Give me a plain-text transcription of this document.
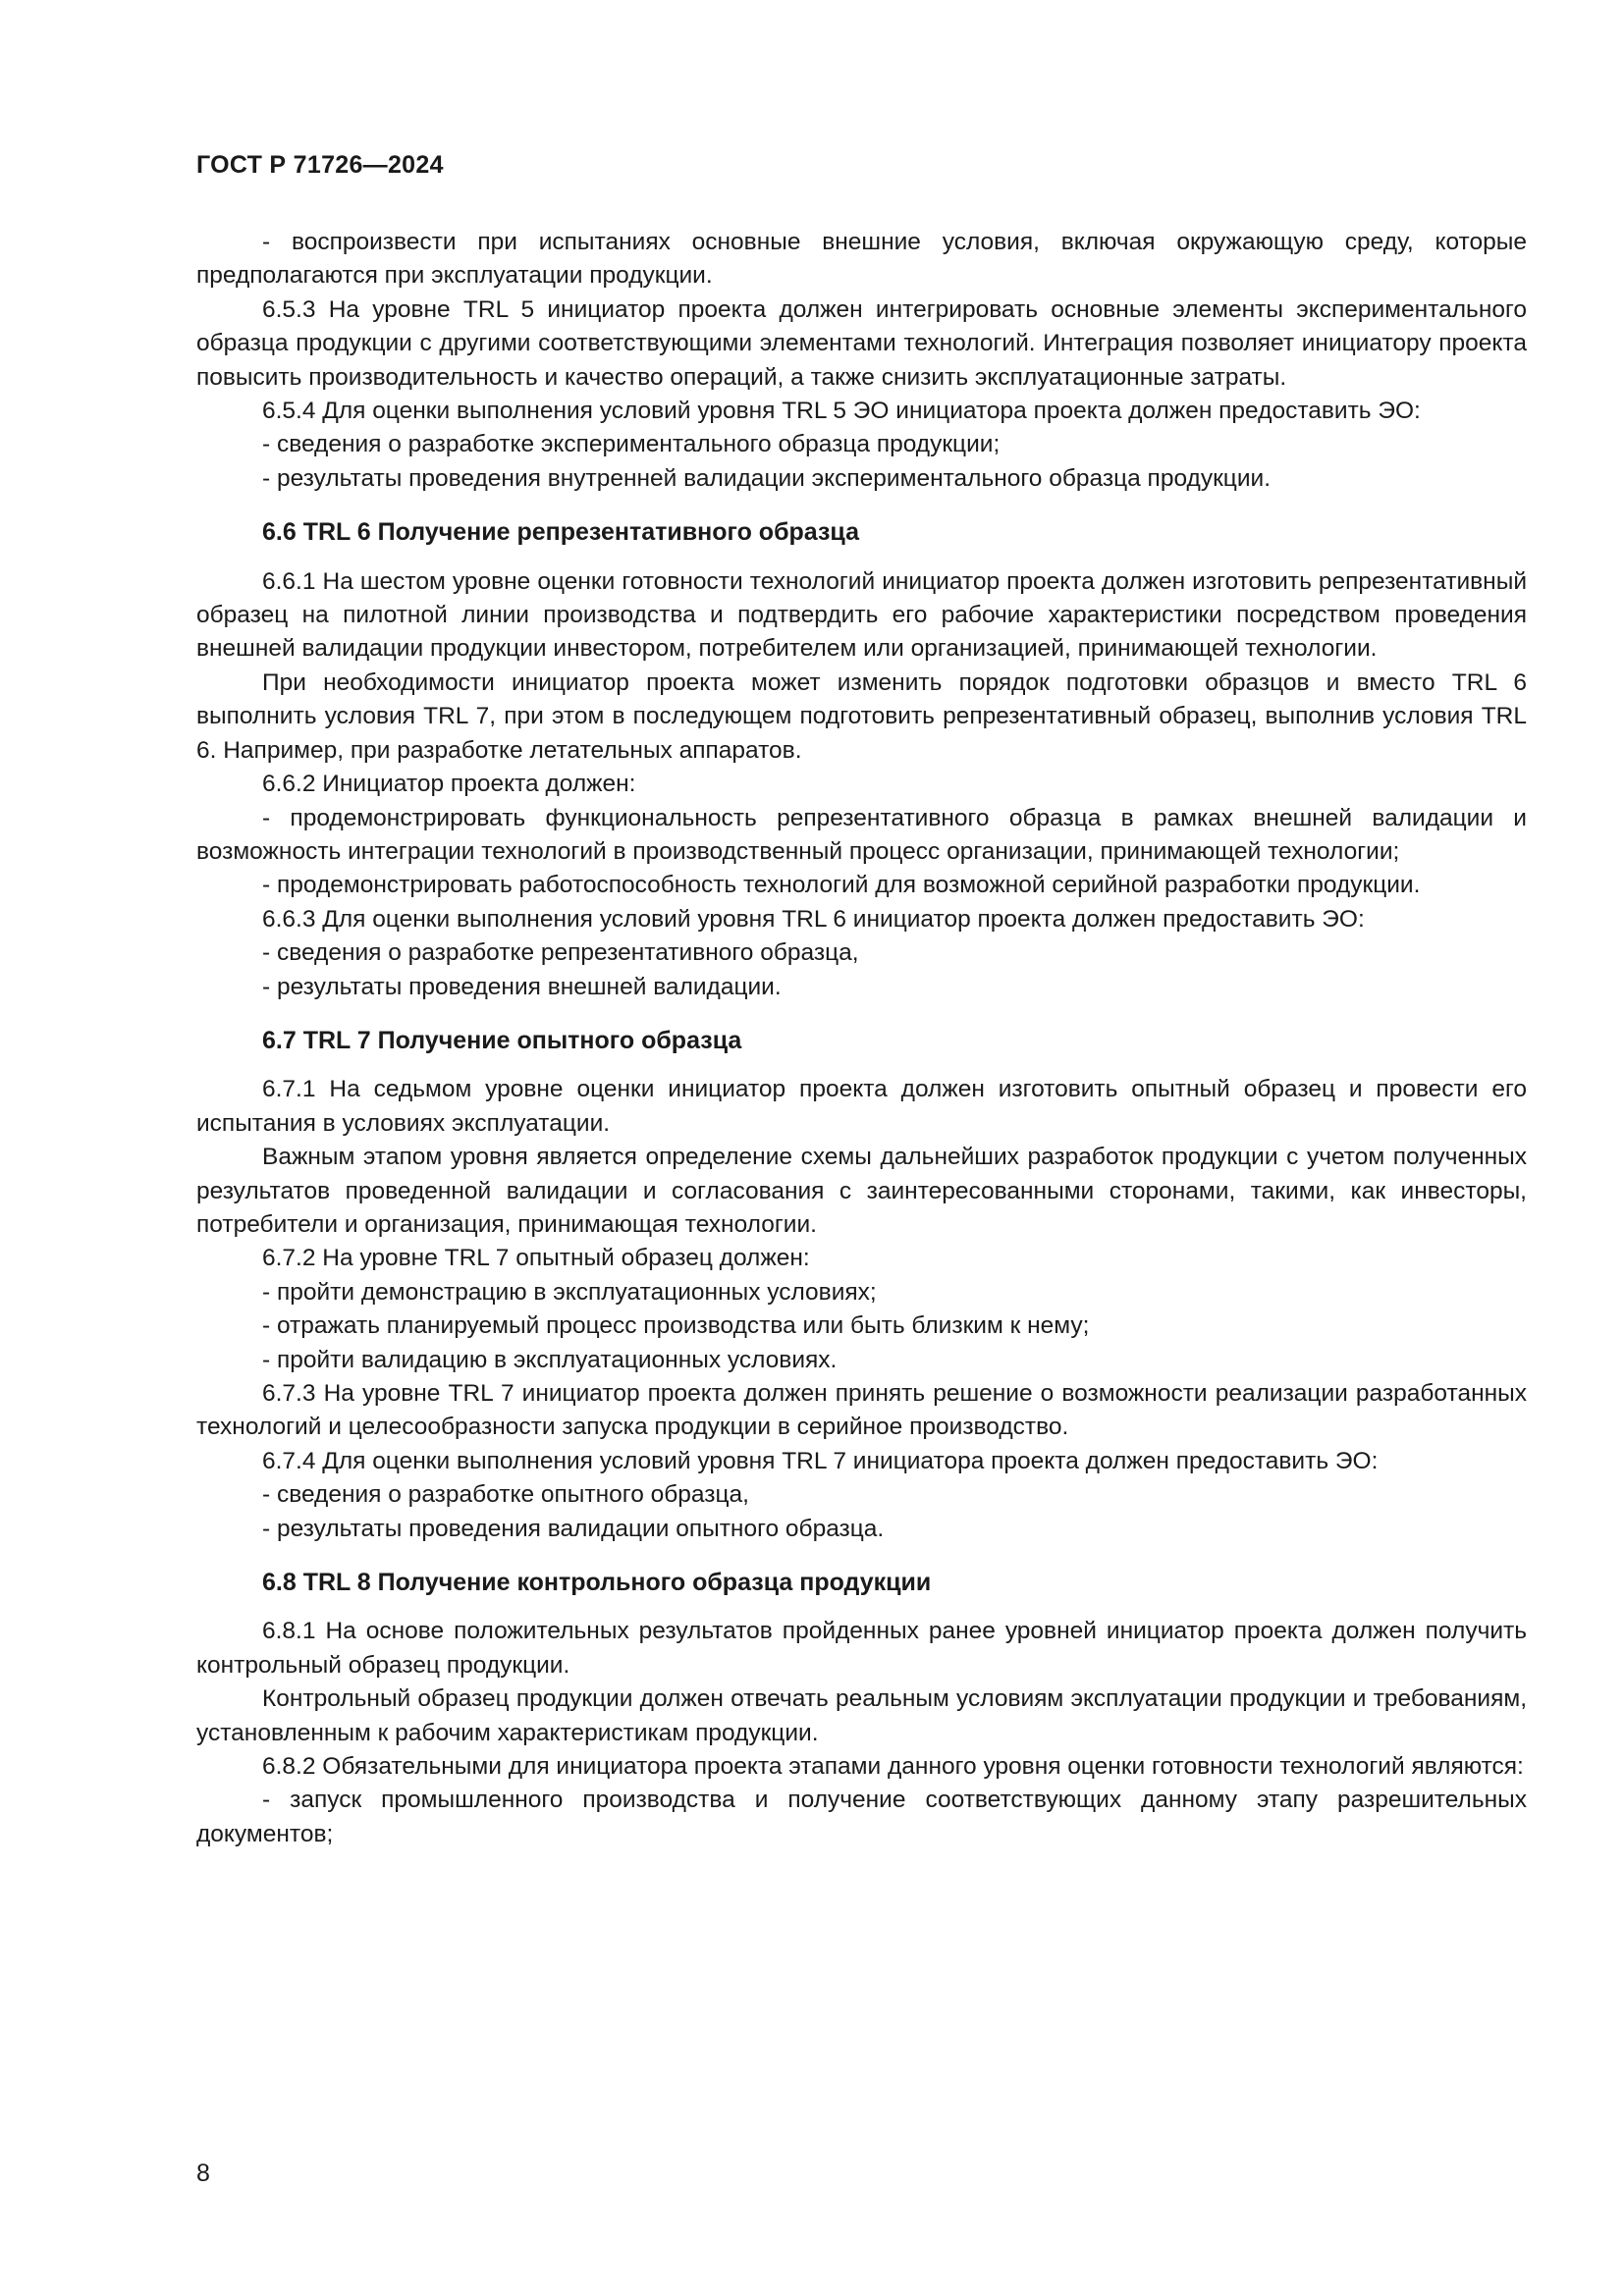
ГОСТ Р 71726—2024

- воспроизвести при испытаниях основные внешние условия, включая окружающую среду, которые предполагаются при эксплуатации продукции.

6.5.3 На уровне TRL 5 инициатор проекта должен интегрировать основные элементы экспериментального образца продукции с другими соответствующими элементами технологий. Интеграция позволяет инициатору проекта повысить производительность и качество операций, а также снизить эксплуатационные затраты.

6.5.4 Для оценки выполнения условий уровня TRL 5 ЭО инициатора проекта должен предоставить ЭО:

- сведения о разработке экспериментального образца продукции;

- результаты проведения внутренней валидации экспериментального образца продукции.

6.6 TRL 6 Получение репрезентативного образца

6.6.1 На шестом уровне оценки готовности технологий инициатор проекта должен изготовить репрезентативный образец на пилотной линии производства и подтвердить его рабочие характеристики посредством проведения внешней валидации продукции инвестором, потребителем или организацией, принимающей технологии.

При необходимости инициатор проекта может изменить порядок подготовки образцов и вместо TRL 6 выполнить условия TRL 7, при этом в последующем подготовить репрезентативный образец, выполнив условия TRL 6. Например, при разработке летательных аппаратов.

6.6.2 Инициатор проекта должен:

- продемонстрировать функциональность репрезентативного образца в рамках внешней валидации и возможность интеграции технологий в производственный процесс организации, принимающей технологии;

- продемонстрировать работоспособность технологий для возможной серийной разработки продукции.

6.6.3 Для оценки выполнения условий уровня TRL 6 инициатор проекта должен предоставить ЭО:

- сведения о разработке репрезентативного образца,

- результаты проведения внешней валидации.

6.7 TRL 7 Получение опытного образца

6.7.1 На седьмом уровне оценки инициатор проекта должен изготовить опытный образец и провести его испытания в условиях эксплуатации.

Важным этапом уровня является определение схемы дальнейших разработок продукции с учетом полученных результатов проведенной валидации и согласования с заинтересованными сторонами, такими, как инвесторы, потребители и организация, принимающая технологии.

6.7.2 На уровне TRL 7 опытный образец должен:

- пройти демонстрацию в эксплуатационных условиях;

- отражать планируемый процесс производства или быть близким к нему;

- пройти валидацию в эксплуатационных условиях.

6.7.3 На уровне TRL 7 инициатор проекта должен принять решение о возможности реализации разработанных технологий и целесообразности запуска продукции в серийное производство.

6.7.4 Для оценки выполнения условий уровня TRL 7 инициатора проекта должен предоставить ЭО:

- сведения о разработке опытного образца,

- результаты проведения валидации опытного образца.

6.8 TRL 8 Получение контрольного образца продукции

6.8.1 На основе положительных результатов пройденных ранее уровней инициатор проекта должен получить контрольный образец продукции.

Контрольный образец продукции должен отвечать реальным условиям эксплуатации продукции и требованиям, установленным к рабочим характеристикам продукции.

6.8.2 Обязательными для инициатора проекта этапами данного уровня оценки готовности технологий являются:

- запуск промышленного производства и получение соответствующих данному этапу разрешительных документов;

8
